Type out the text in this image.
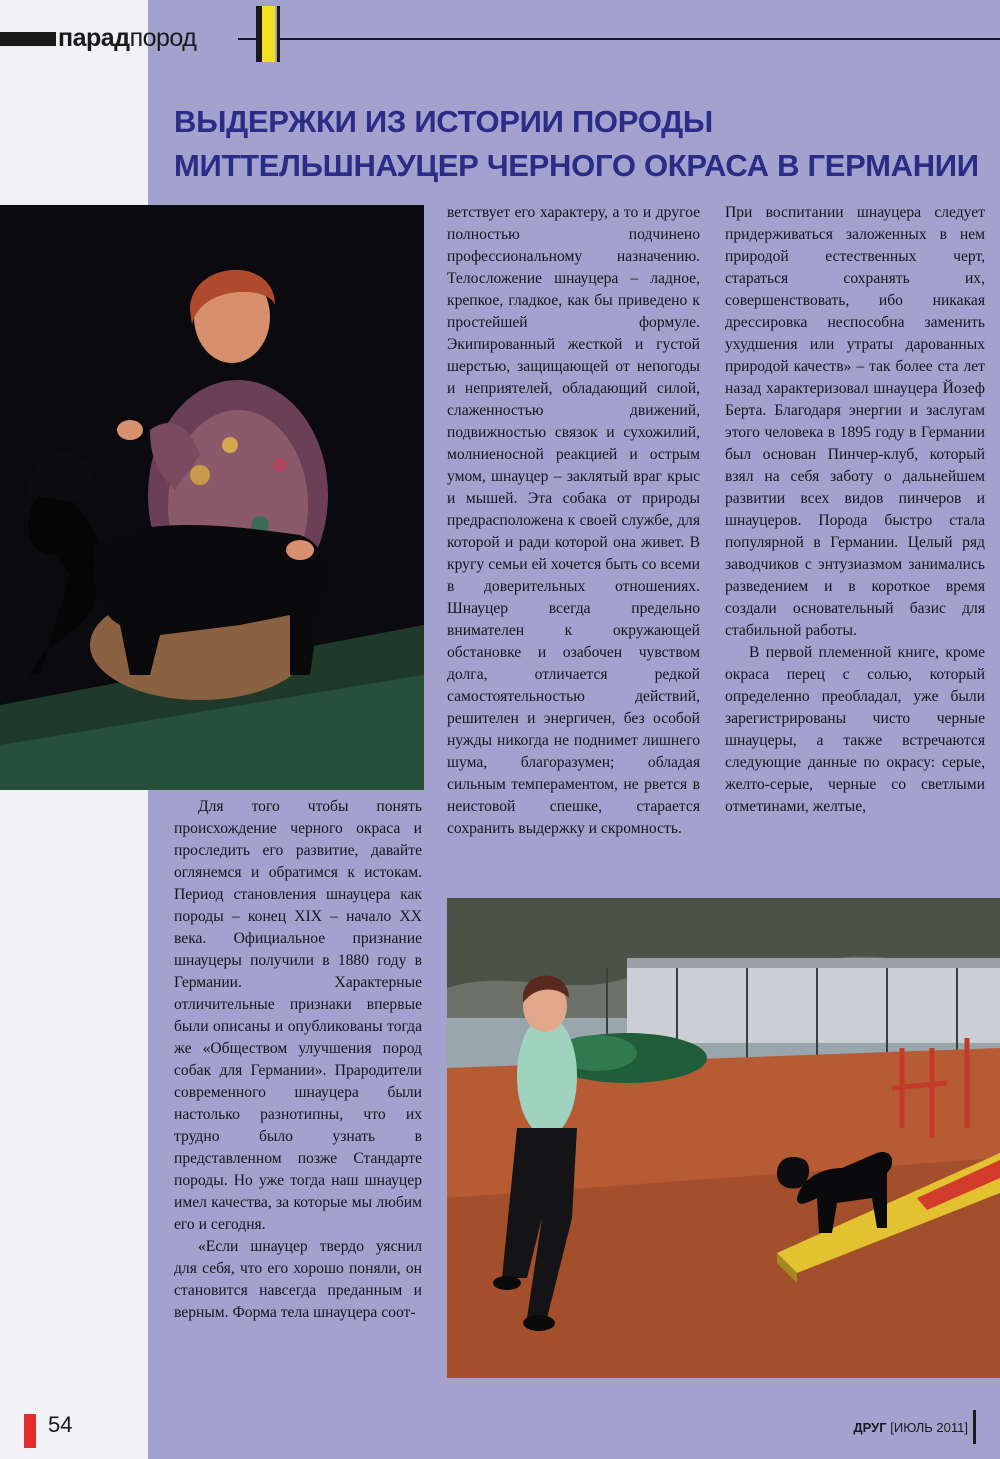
парадпород
ВЫДЕРЖКИ ИЗ ИСТОРИИ ПОРОДЫ
МИТТЕЛЬШНАУЦЕР ЧЕРНОГО ОКРАСА В ГЕРМАНИИ

Для того чтобы понять происхождение черного окраса и проследить его развитие, давайте оглянемся и обратимся к истокам. Период становления шнауцера как породы – конец XIX – начало XX века. Официальное признание шнауцеры получили в 1880 году в Германии. Характерные отличительные признаки впервые были описаны и опубликованы тогда же «Обществом улучшения пород собак для Германии». Прародители современного шнауцера были настолько разнотипны, что их трудно было узнать в представленном позже Стандарте породы. Но уже тогда наш шнауцер имел качества, за которые мы любим его и сегодня.

«Если шнауцер твердо уяснил для себя, что его хорошо поняли, он становится навсегда преданным и верным. Форма тела шнауцера соот-

ветствует его характеру, а то и другое полностью подчинено профессиональному назначению. Телосложение шнауцера – ладное, крепкое, гладкое, как бы приведено к простейшей формуле. Экипированный жесткой и густой шерстью, защищающей от непогоды и неприятелей, обладающий силой, слаженностью движений, подвижностью связок и сухожилий, молниеносной реакцией и острым умом, шнауцер – заклятый враг крыс и мышей. Эта собака от природы предрасположена к своей службе, для которой и ради которой она живет. В кругу семьи ей хочется быть со всеми в доверительных отношениях. Шнауцер всегда предельно внимателен к окружающей обстановке и озабочен чувством долга, отличается редкой самостоятельностью действий, решителен и энергичен, без особой нужды никогда не поднимет лишнего шума, благоразумен; обладая сильным темпераментом, не рвется в неистовой спешке, старается сохранить выдержку и скромность.

При воспитании шнауцера следует придерживаться заложенных в нем природой естественных черт, стараться сохранять их, совершенствовать, ибо никакая дрессировка неспособна заменить ухудшения или утраты дарованных природой качеств» – так более ста лет назад характеризовал шнауцера Йозеф Берта. Благодаря энергии и заслугам этого человека в 1895 году в Германии был основан Пинчер-клуб, который взял на себя заботу о дальнейшем развитии всех видов пинчеров и шнауцеров. Порода быстро стала популярной в Германии. Целый ряд заводчиков с энтузиазмом занимались разведением и в короткое время создали основательный базис для стабильной работы.

В первой племенной книге, кроме окраса перец с солью, который определенно преобладал, уже были зарегистрированы чисто черные шнауцеры, а также встречаются следующие данные по окрасу: серые, желто-серые, черные со светлыми отметинами, желтые,

54	ДРУГ [ИЮЛЬ 2011]
